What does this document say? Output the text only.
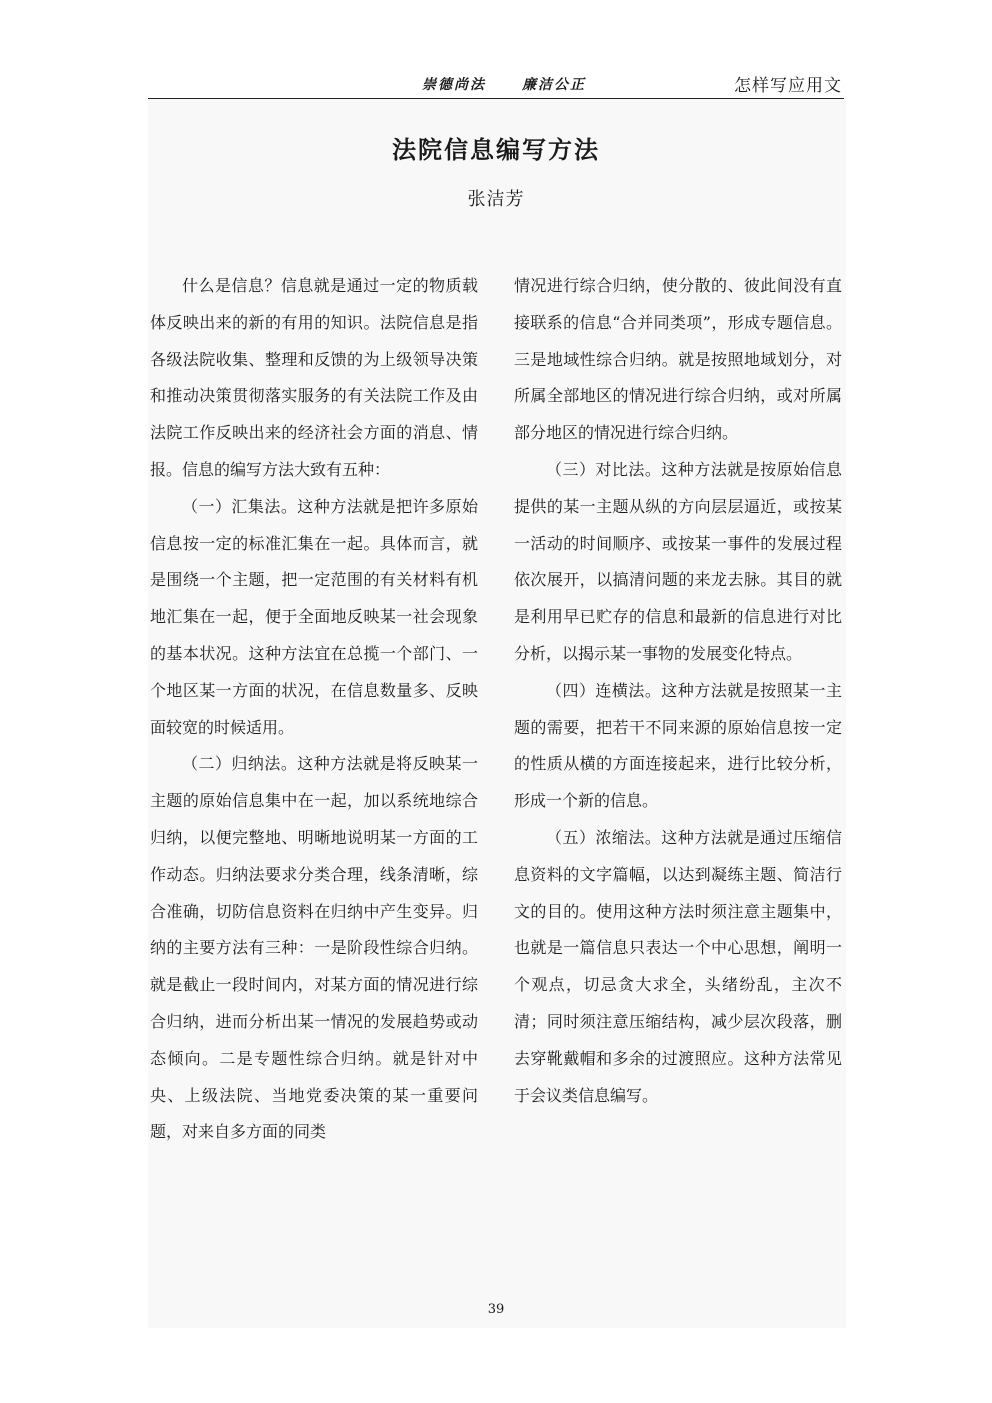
崇德尚法	廉洁公正	怎样写应用文
法院信息编写方法
张洁芳

什么是信息？信息就是通过一定的物质载体反映出来的新的有用的知识。法院信息是指各级法院收集、整理和反馈的为上级领导决策和推动决策贯彻落实服务的有关法院工作及由法院工作反映出来的经济社会方面的消息、情报。信息的编写方法大致有五种：

（一）汇集法。这种方法就是把许多原始信息按一定的标准汇集在一起。具体而言，就是围绕一个主题，把一定范围的有关材料有机地汇集在一起，便于全面地反映某一社会现象的基本状况。这种方法宜在总揽一个部门、一个地区某一方面的状况，在信息数量多、反映面较宽的时候适用。

（二）归纳法。这种方法就是将反映某一主题的原始信息集中在一起，加以系统地综合归纳，以便完整地、明晰地说明某一方面的工作动态。归纳法要求分类合理，线条清晰，综合准确，切防信息资料在归纳中产生变异。归纳的主要方法有三种：一是阶段性综合归纳。就是截止一段时间内，对某方面的情况进行综合归纳，进而分析出某一情况的发展趋势或动态倾向。二是专题性综合归纳。就是针对中央、上级法院、当地党委决策的某一重要问题，对来自多方面的同类

情况进行综合归纳，使分散的、彼此间没有直接联系的信息“合并同类项”，形成专题信息。三是地域性综合归纳。就是按照地域划分，对所属全部地区的情况进行综合归纳，或对所属部分地区的情况进行综合归纳。

（三）对比法。这种方法就是按原始信息提供的某一主题从纵的方向层层逼近，或按某一活动的时间顺序、或按某一事件的发展过程依次展开，以搞清问题的来龙去脉。其目的就是利用早已贮存的信息和最新的信息进行对比分析，以揭示某一事物的发展变化特点。

（四）连横法。这种方法就是按照某一主题的需要，把若干不同来源的原始信息按一定的性质从横的方面连接起来，进行比较分析，形成一个新的信息。

（五）浓缩法。这种方法就是通过压缩信息资料的文字篇幅，以达到凝练主题、简洁行文的目的。使用这种方法时须注意主题集中，也就是一篇信息只表达一个中心思想，阐明一个观点，切忌贪大求全，头绪纷乱，主次不清；同时须注意压缩结构，减少层次段落，删去穿靴戴帽和多余的过渡照应。这种方法常见于会议类信息编写。

39
